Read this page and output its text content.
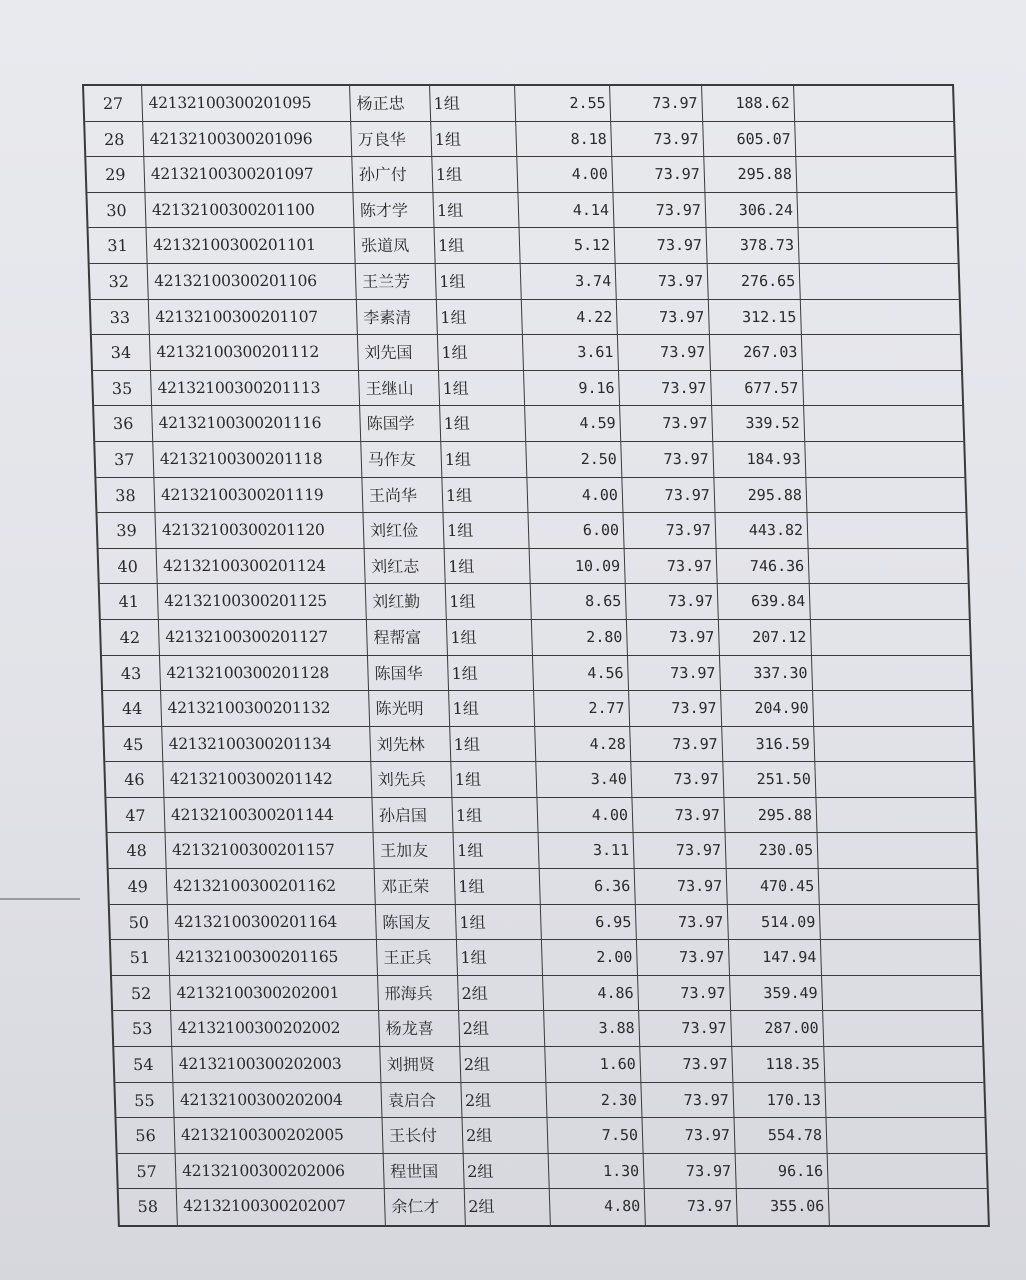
27	42132100300201095	杨正忠	1组	2.55	73.97	188.62
28	42132100300201096	万良华	1组	8.18	73.97	605.07
29	42132100300201097	孙广付	1组	4.00	73.97	295.88
30	42132100300201100	陈才学	1组	4.14	73.97	306.24
31	42132100300201101	张道凤	1组	5.12	73.97	378.73
32	42132100300201106	王兰芳	1组	3.74	73.97	276.65
33	42132100300201107	李素清	1组	4.22	73.97	312.15
34	42132100300201112	刘先国	1组	3.61	73.97	267.03
35	42132100300201113	王继山	1组	9.16	73.97	677.57
36	42132100300201116	陈国学	1组	4.59	73.97	339.52
37	42132100300201118	马作友	1组	2.50	73.97	184.93
38	42132100300201119	王尚华	1组	4.00	73.97	295.88
39	42132100300201120	刘红俭	1组	6.00	73.97	443.82
40	42132100300201124	刘红志	1组	10.09	73.97	746.36
41	42132100300201125	刘红勤	1组	8.65	73.97	639.84
42	42132100300201127	程帮富	1组	2.80	73.97	207.12
43	42132100300201128	陈国华	1组	4.56	73.97	337.30
44	42132100300201132	陈光明	1组	2.77	73.97	204.90
45	42132100300201134	刘先林	1组	4.28	73.97	316.59
46	42132100300201142	刘先兵	1组	3.40	73.97	251.50
47	42132100300201144	孙启国	1组	4.00	73.97	295.88
48	42132100300201157	王加友	1组	3.11	73.97	230.05
49	42132100300201162	邓正荣	1组	6.36	73.97	470.45
50	42132100300201164	陈国友	1组	6.95	73.97	514.09
51	42132100300201165	王正兵	1组	2.00	73.97	147.94
52	42132100300202001	邢海兵	2组	4.86	73.97	359.49
53	42132100300202002	杨龙喜	2组	3.88	73.97	287.00
54	42132100300202003	刘拥贤	2组	1.60	73.97	118.35
55	42132100300202004	袁启合	2组	2.30	73.97	170.13
56	42132100300202005	王长付	2组	7.50	73.97	554.78
57	42132100300202006	程世国	2组	1.30	73.97	96.16
58	42132100300202007	余仁才	2组	4.80	73.97	355.06
